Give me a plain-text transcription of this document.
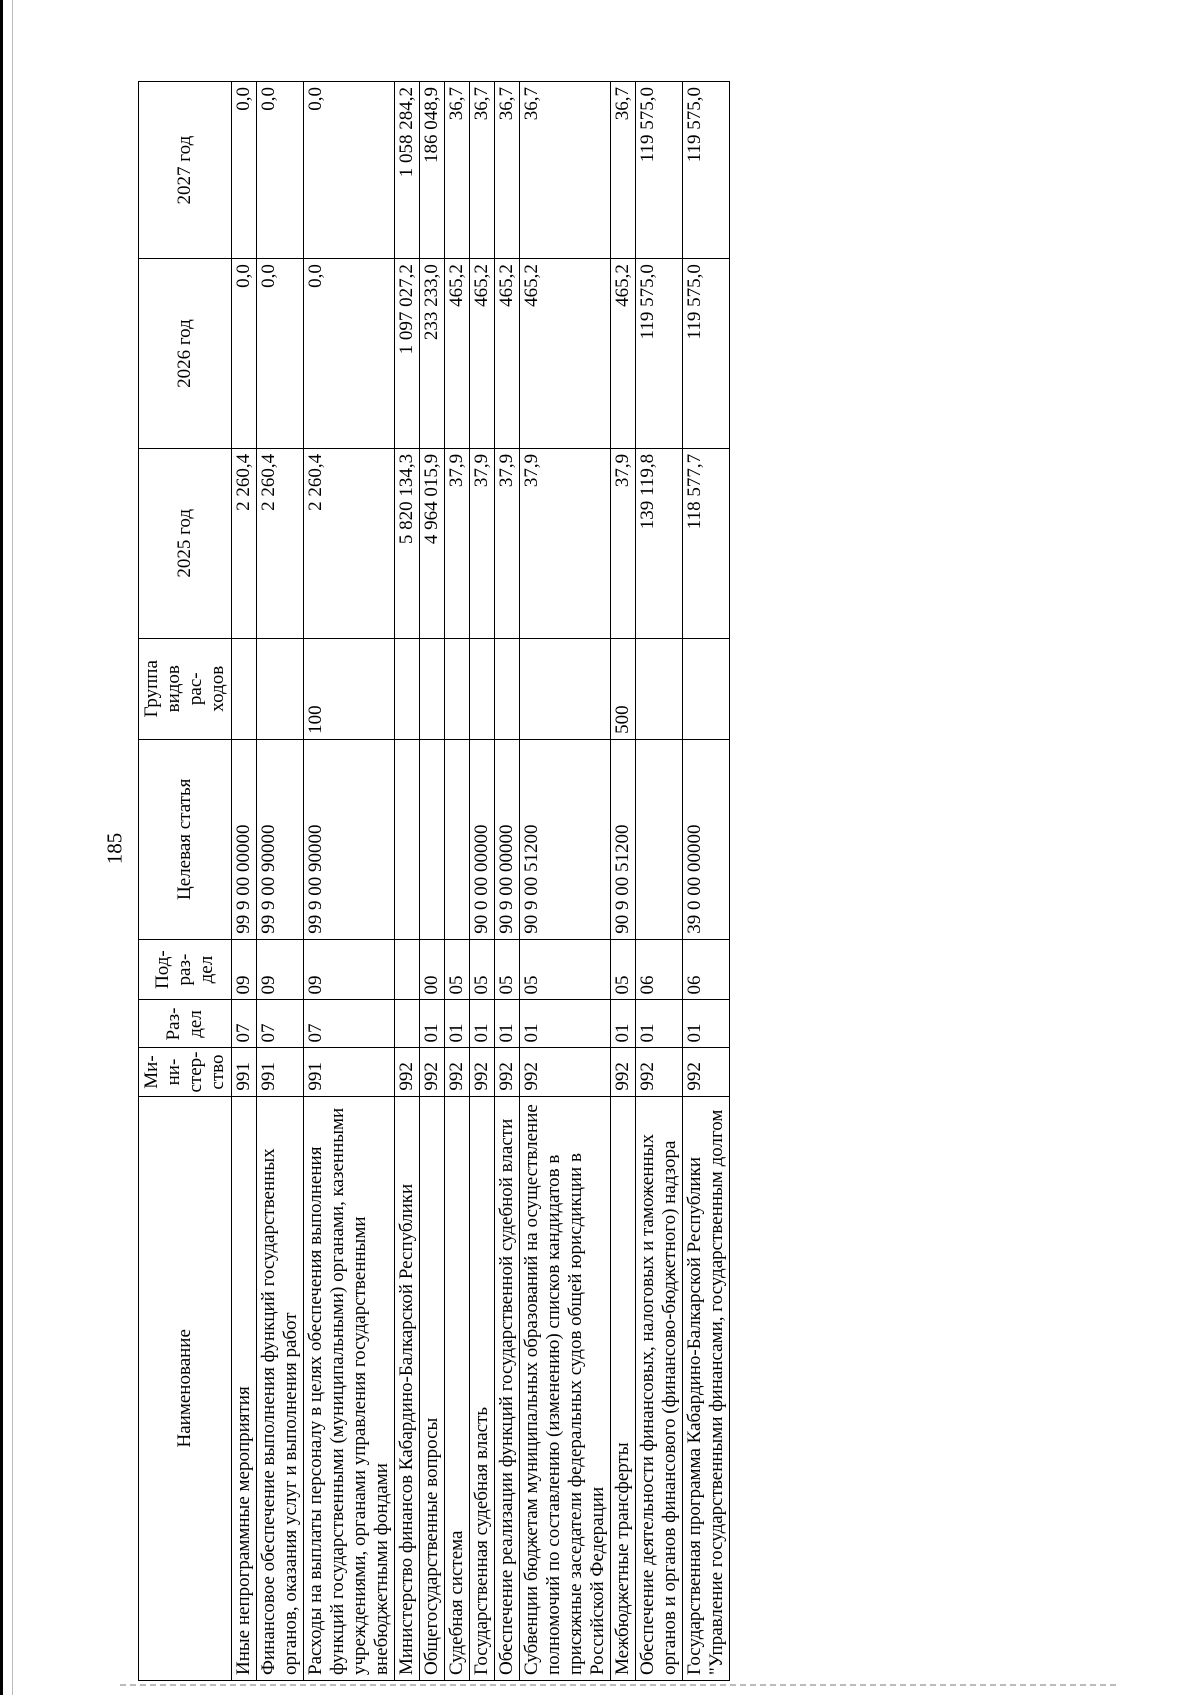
185
Наименование	Ми-
ни-
стер-
ство	Раз-
дел	Под-
раз-
дел	Целевая статья	Группа
видов
рас-
ходов	2025 год	2026 год	2027 год
Иные непрограммные мероприятия	991	07	09	99 9 00 00000		2 260,4	0,0	0,0
Финансовое обеспечение выполнения функций государственных органов, оказания услуг и выполнения работ	991	07	09	99 9 00 90000		2 260,4	0,0	0,0
Расходы на выплаты персоналу в целях обеспечения выполнения функций государственными (муниципальными) органами, казенными учреждениями, органами управления государственными внебюджетными фондами	991	07	09	99 9 00 90000	100	2 260,4	0,0	0,0
Министерство финансов Кабардино-Балкарской Республики	992					5 820 134,3	1 097 027,2	1 058 284,2
Общегосударственные вопросы	992	01	00			4 964 015,9	233 233,0	186 048,9
Судебная система	992	01	05			37,9	465,2	36,7
Государственная судебная власть	992	01	05	90 0 00 00000		37,9	465,2	36,7
Обеспечение реализации функций государственной судебной власти	992	01	05	90 9 00 00000		37,9	465,2	36,7
Субвенции бюджетам муниципальных образований на осуществление полномочий по составлению (изменению) списков кандидатов в присяжные заседатели федеральных судов общей юрисдикции в Российской Федерации	992	01	05	90 9 00 51200		37,9	465,2	36,7
Межбюджетные трансферты	992	01	05	90 9 00 51200	500	37,9	465,2	36,7
Обеспечение деятельности финансовых, налоговых и таможенных органов и органов финансового (финансово-бюджетного) надзора	992	01	06			139 119,8	119 575,0	119 575,0
Государственная программа Кабардино-Балкарской Республики "Управление государственными финансами, государственным долгом	992	01	06	39 0 00 00000		118 577,7	119 575,0	119 575,0
